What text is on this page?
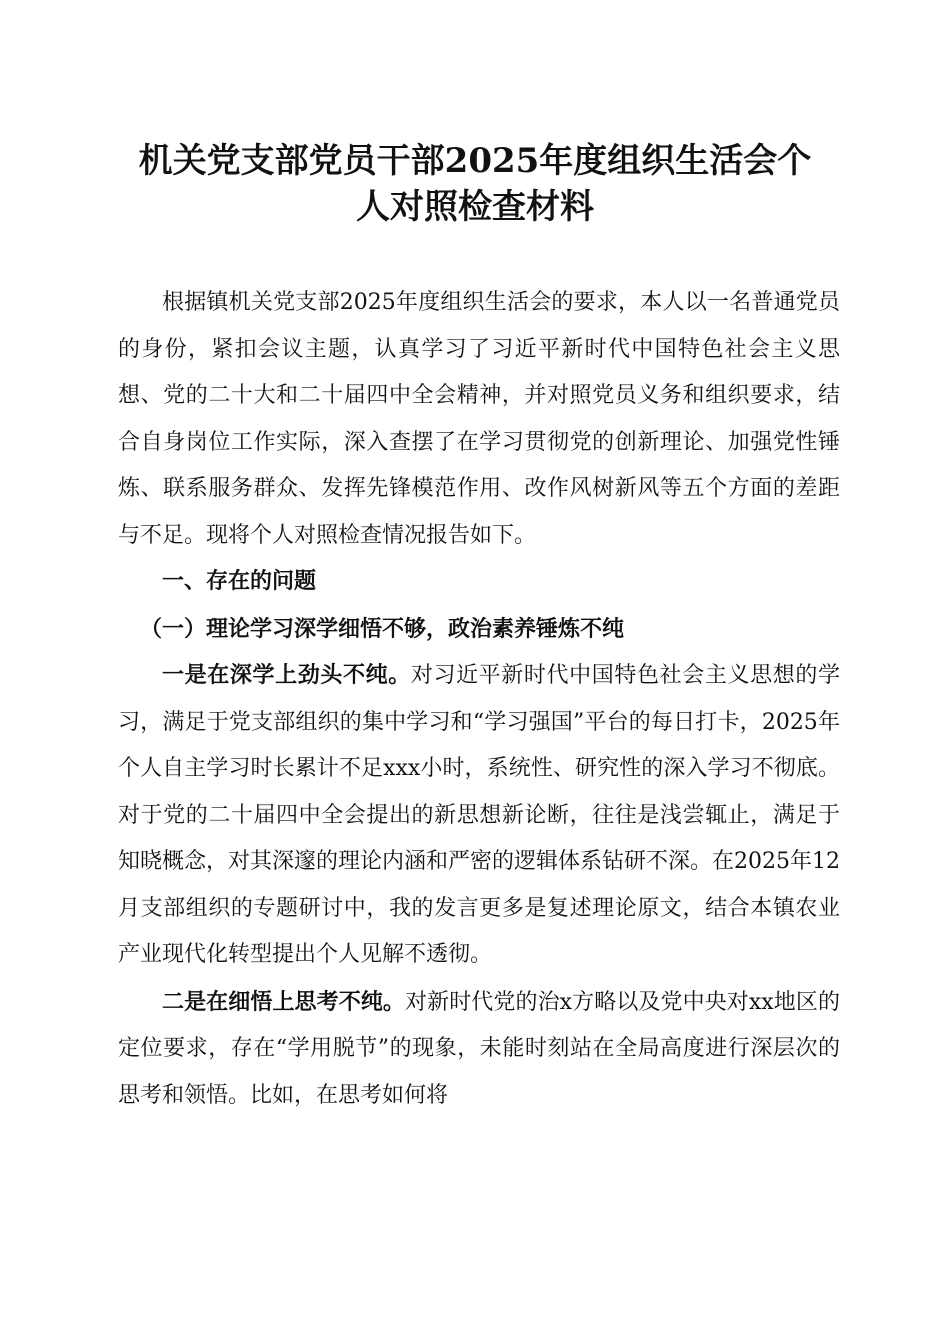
机关党支部党员干部2025年度组织生活会个
人对照检查材料

根据镇机关党支部2025年度组织生活会的要求，本人以一名普通党员的身份，紧扣会议主题，认真学习了习近平新时代中国特色社会主义思想、党的二十大和二十届四中全会精神，并对照党员义务和组织要求，结合自身岗位工作实际，深入查摆了在学习贯彻党的创新理论、加强党性锤炼、联系服务群众、发挥先锋模范作用、改作风树新风等五个方面的差距与不足。现将个人对照检查情况报告如下。

一、存在的问题

（一）理论学习深学细悟不够，政治素养锤炼不纯

一是在深学上劲头不纯。对习近平新时代中国特色社会主义思想的学习，满足于党支部组织的集中学习和“学习强国”平台的每日打卡，2025年个人自主学习时长累计不足xxx小时，系统性、研究性的深入学习不彻底。对于党的二十届四中全会提出的新思想新论断，往往是浅尝辄止，满足于知晓概念，对其深邃的理论内涵和严密的逻辑体系钻研不深。在2025年12月支部组织的专题研讨中，我的发言更多是复述理论原文，结合本镇农业产业现代化转型提出个人见解不透彻。

二是在细悟上思考不纯。对新时代党的治x方略以及党中央对xx地区的定位要求，存在“学用脱节”的现象，未能时刻站在全局高度进行深层次的思考和领悟。比如，在思考如何将
